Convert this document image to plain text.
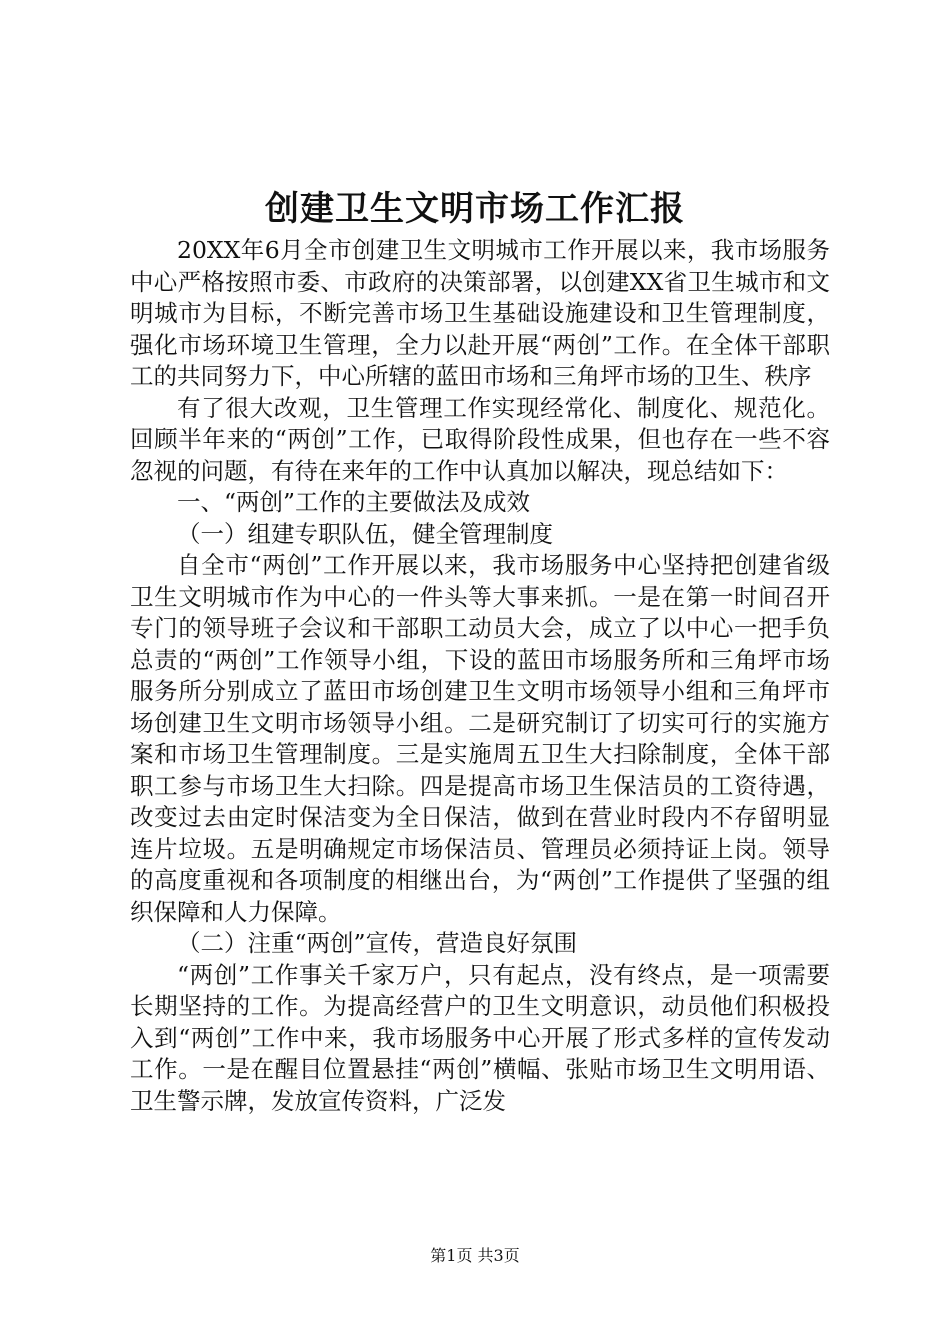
创建卫生文明市场工作汇报

20XX年6月全市创建卫生文明城市工作开展以来，我市场服务中心严格按照市委、市政府的决策部署，以创建XX省卫生城市和文明城市为目标，不断完善市场卫生基础设施建设和卫生管理制度，强化市场环境卫生管理，全力以赴开展“两创”工作。在全体干部职工的共同努力下，中心所辖的蓝田市场和三角坪市场的卫生、秩序

有了很大改观，卫生管理工作实现经常化、制度化、规范化。回顾半年来的“两创”工作，已取得阶段性成果，但也存在一些不容忽视的问题，有待在来年的工作中认真加以解决，现总结如下：

一、“两创”工作的主要做法及成效

（一）组建专职队伍，健全管理制度

自全市“两创”工作开展以来，我市场服务中心坚持把创建省级卫生文明城市作为中心的一件头等大事来抓。一是在第一时间召开专门的领导班子会议和干部职工动员大会，成立了以中心一把手负总责的“两创”工作领导小组，下设的蓝田市场服务所和三角坪市场服务所分别成立了蓝田市场创建卫生文明市场领导小组和三角坪市场创建卫生文明市场领导小组。二是研究制订了切实可行的实施方案和市场卫生管理制度。三是实施周五卫生大扫除制度，全体干部职工参与市场卫生大扫除。四是提高市场卫生保洁员的工资待遇，改变过去由定时保洁变为全日保洁，做到在营业时段内不存留明显连片垃圾。五是明确规定市场保洁员、管理员必须持证上岗。领导的高度重视和各项制度的相继出台，为“两创”工作提供了坚强的组织保障和人力保障。

（二）注重“两创”宣传，营造良好氛围

“两创”工作事关千家万户，只有起点，没有终点，是一项需要长期坚持的工作。为提高经营户的卫生文明意识，动员他们积极投入到“两创”工作中来，我市场服务中心开展了形式多样的宣传发动工作。一是在醒目位置悬挂“两创”横幅、张贴市场卫生文明用语、卫生警示牌，发放宣传资料，广泛发

第1页 共3页
